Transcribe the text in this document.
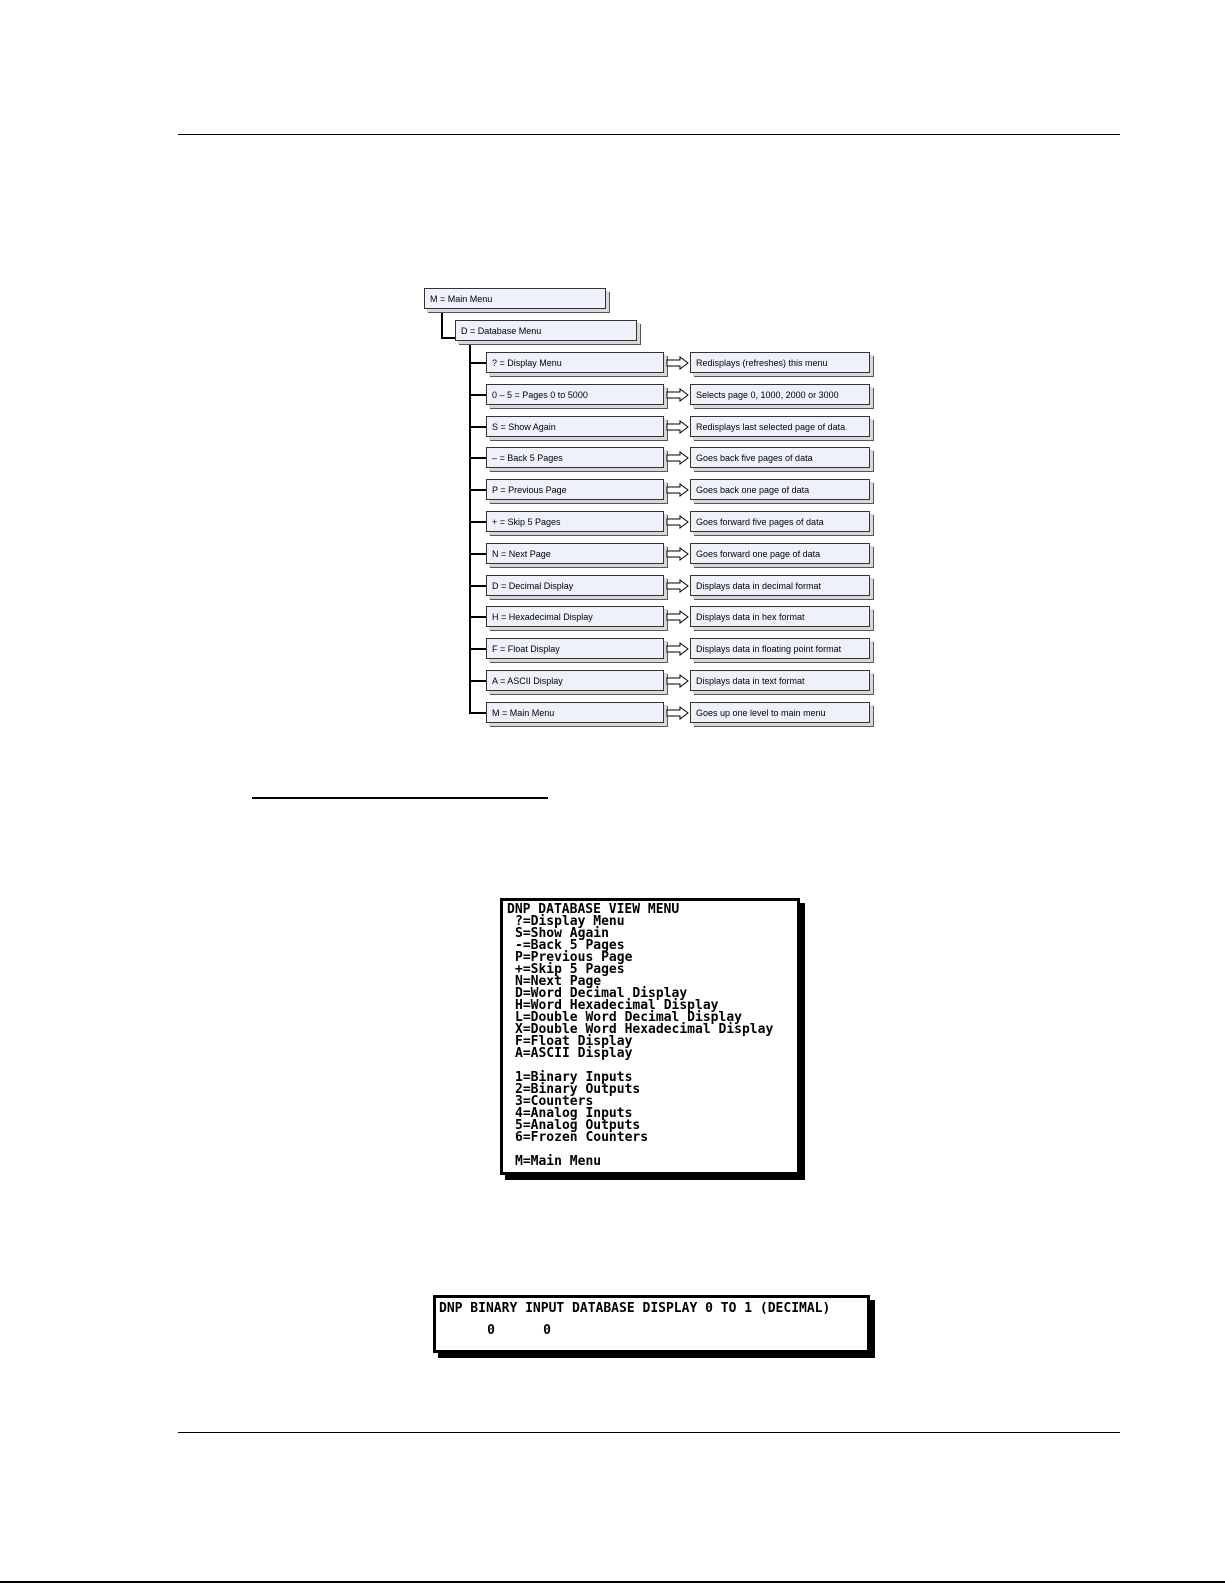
M = Main Menu
D = Database Menu
? = Display Menu	Redisplays (refreshes) this menu
0 – 5 = Pages 0 to 5000	Selects page 0, 1000, 2000 or 3000
S = Show Again	Redisplays last selected page of data
– = Back 5 Pages	Goes back five pages of data
P = Previous Page	Goes back one page of data
+ = Skip 5 Pages	Goes forward five pages of data
N = Next Page	Goes forward one page of data
D = Decimal Display	Displays data in decimal format
H = Hexadecimal Display	Displays data in hex format
F = Float Display	Displays data in floating point format
A = ASCII Display	Displays data in text format
M = Main Menu	Goes up one level to main menu
DNP DATABASE VIEW MENU
?=Display Menu
S=Show Again
-=Back 5 Pages
P=Previous Page
+=Skip 5 Pages
N=Next Page
D=Word Decimal Display
H=Word Hexadecimal Display
L=Double Word Decimal Display
X=Double Word Hexadecimal Display
F=Float Display
A=ASCII Display
1=Binary Inputs
2=Binary Outputs
3=Counters
4=Analog Inputs
5=Analog Outputs
6=Frozen Counters
M=Main Menu
DNP BINARY INPUT DATABASE DISPLAY 0 TO 1 (DECIMAL)
0	0
